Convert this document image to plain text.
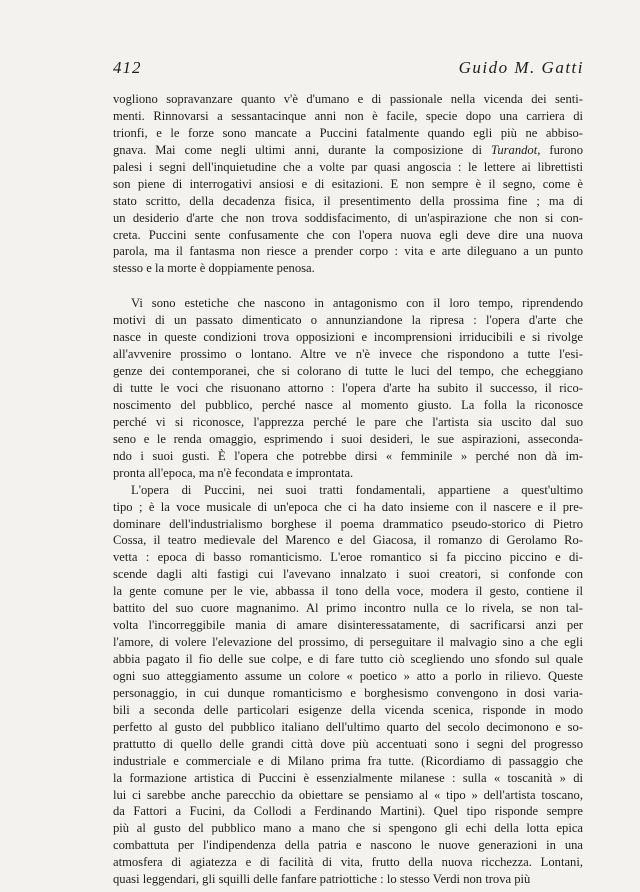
412	Guido M. Gatti
vogliono sopravanzare quanto v'è d'umano e di passionale nella vicenda dei senti-
menti. Rinnovarsi a sessantacinque anni non è facile, specie dopo una carriera di
trionfi, e le forze sono mancate a Puccini fatalmente quando egli più ne abbiso-
gnava. Mai come negli ultimi anni, durante la composizione di Turandot, furono
palesi i segni dell'inquietudine che a volte par quasi angoscia : le lettere ai librettisti
son piene di interrogativi ansiosi e di esitazioni. E non sempre è il segno, come è
stato scritto, della decadenza fisica, il presentimento della prossima fine ; ma di
un desiderio d'arte che non trova soddisfacimento, di un'aspirazione che non si con-
creta. Puccini sente confusamente che con l'opera nuova egli deve dire una nuova
parola, ma il fantasma non riesce a prender corpo : vita e arte dileguano a un punto
stesso e la morte è doppiamente penosa.
Vi sono estetiche che nascono in antagonismo con il loro tempo, riprendendo
motivi di un passato dimenticato o annunziandone la ripresa : l'opera d'arte che
nasce in queste condizioni trova opposizioni e incomprensioni irriducibili e si rivolge
all'avvenire prossimo o lontano. Altre ve n'è invece che rispondono a tutte l'esi-
genze dei contemporanei, che si colorano di tutte le luci del tempo, che echeggiano
di tutte le voci che risuonano attorno : l'opera d'arte ha subito il successo, il rico-
noscimento del pubblico, perché nasce al momento giusto. La folla la riconosce
perché vi si riconosce, l'apprezza perché le pare che l'artista sia uscito dal suo
seno e le renda omaggio, esprimendo i suoi desideri, le sue aspirazioni, asseconda-
ndo i suoi gusti. È l'opera che potrebbe dirsi « femminile » perché non dà im-
pronta all'epoca, ma n'è fecondata e improntata.
L'opera di Puccini, nei suoi tratti fondamentali, appartiene a quest'ultimo
tipo ; è la voce musicale di un'epoca che ci ha dato insieme con il nascere e il pre-
dominare dell'industrialismo borghese il poema drammatico pseudo-storico di Pietro
Cossa, il teatro medievale del Marenco e del Giacosa, il romanzo di Gerolamo Ro-
vetta : epoca di basso romanticismo. L'eroe romantico si fa piccino piccino e di-
scende dagli alti fastigi cui l'avevano innalzato i suoi creatori, si confonde con
la gente comune per le vie, abbassa il tono della voce, modera il gesto, contiene il
battito del suo cuore magnanimo. Al primo incontro nulla ce lo rivela, se non tal-
volta l'incorreggibile mania di amare disinteressatamente, di sacrificarsi anzi per
l'amore, di volere l'elevazione del prossimo, di perseguitare il malvagio sino a che egli
abbia pagato il fio delle sue colpe, e di fare tutto ciò scegliendo uno sfondo sul quale
ogni suo atteggiamento assume un colore « poetico » atto a porlo in rilievo. Queste
personaggio, in cui dunque romanticismo e borghesismo convengono in dosi varia-
bili a seconda delle particolari esigenze della vicenda scenica, risponde in modo
perfetto al gusto del pubblico italiano dell'ultimo quarto del secolo decimonono e so-
prattutto di quello delle grandi città dove più accentuati sono i segni del progresso
industriale e commerciale e di Milano prima fra tutte. (Ricordiamo di passaggio che
la formazione artistica di Puccini è essenzialmente milanese : sulla « toscanità » di
lui ci sarebbe anche parecchio da obiettare se pensiamo al « tipo » dell'artista toscano,
da Fattori a Fucini, da Collodi a Ferdinando Martini). Quel tipo risponde sempre
più al gusto del pubblico mano a mano che si spengono gli echi della lotta epica
combattuta per l'indipendenza della patria e nascono le nuove generazioni in una
atmosfera di agiatezza e di facilità di vita, frutto della nuova ricchezza. Lontani,
quasi leggendari, gli squilli delle fanfare patriottiche : lo stesso Verdi non trova più
